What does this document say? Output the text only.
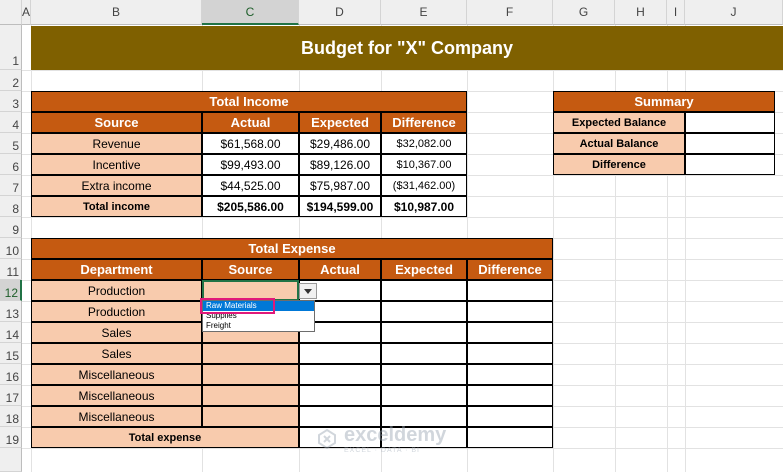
A	B	C	D	E	F	G	H	I	J
1
2
3
4
5
6
7
8
9
10
11
12
13
14
15
16
17
18
19
Budget for "X" Company
Total Income
Source	Actual	Expected	Difference
Revenue	$61,568.00	$29,486.00	$32,082.00
Incentive	$99,493.00	$89,126.00	$10,367.00
Extra income	$44,525.00	$75,987.00	($31,462.00)
Total income	$205,586.00	$194,599.00	$10,987.00
Summary
Expected Balance
Actual Balance
Difference
Total Expense
Department	Source	Actual	Expected	Difference
Production
Production
Sales
Sales
Miscellaneous
Miscellaneous
Miscellaneous
Total expense
Raw Materials
Supplies
Freight
exceldemy
EXCEL · DATA · BI
